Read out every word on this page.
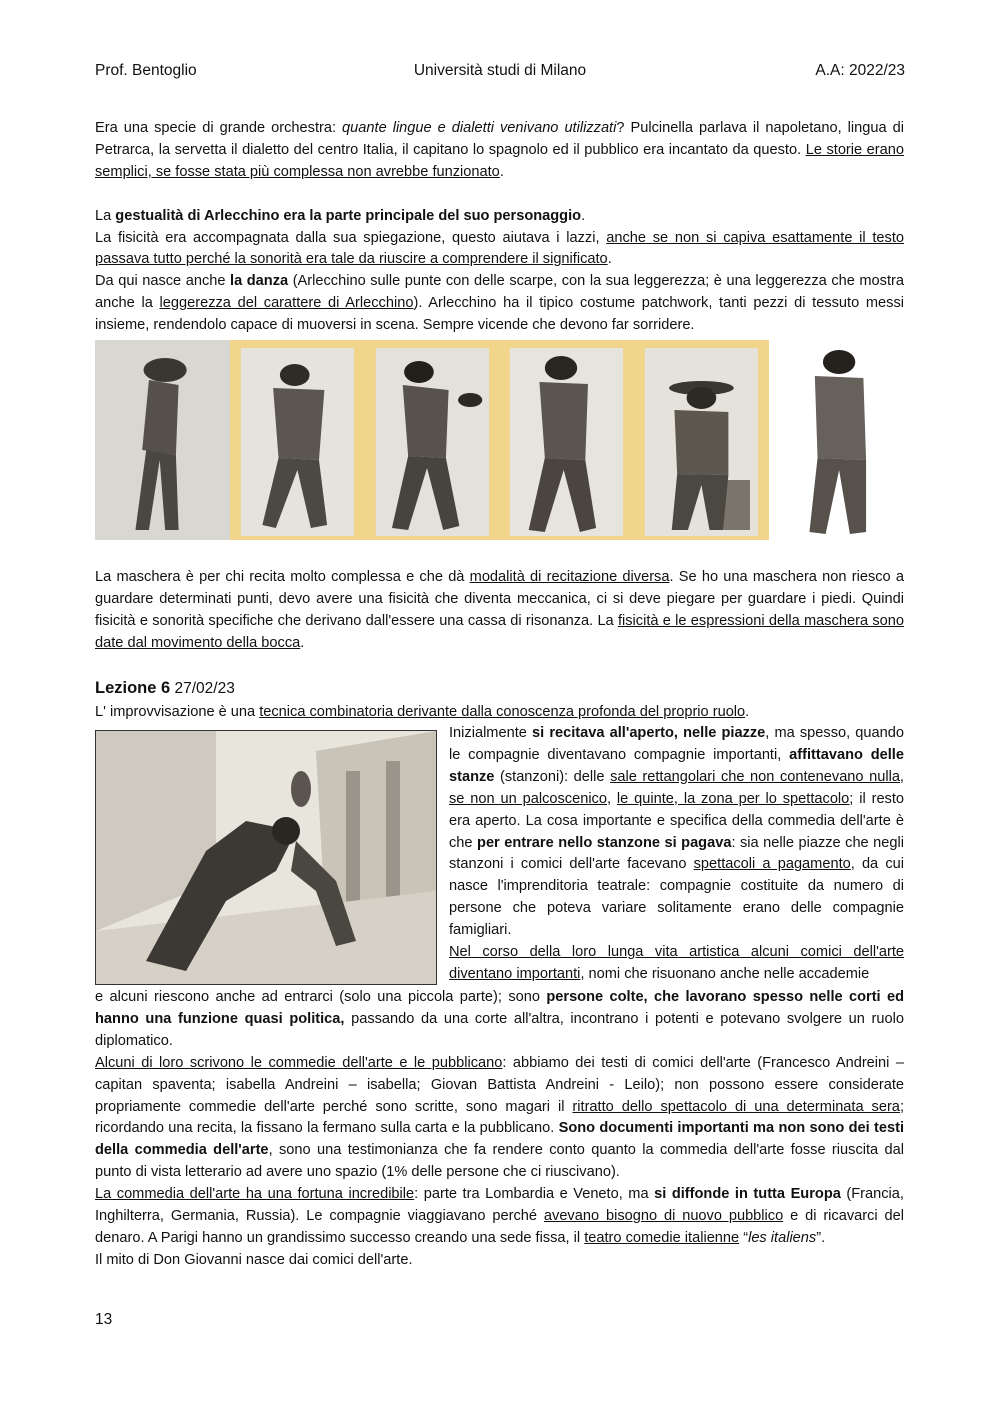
Prof. Bentoglio	Università studi di Milano	A.A: 2022/23

Era una specie di grande orchestra: quante lingue e dialetti venivano utilizzati? Pulcinella parlava il napoletano, lingua di Petrarca, la servetta il dialetto del centro Italia, il capitano lo spagnolo ed il pubblico era incantato da questo. Le storie erano semplici, se fosse stata più complessa non avrebbe funzionato.

La gestualità di Arlecchino era la parte principale del suo personaggio.

La fisicità era accompagnata dalla sua spiegazione, questo aiutava i lazzi, anche se non si capiva esattamente il testo passava tutto perché la sonorità era tale da riuscire a comprendere il significato.

Da qui nasce anche la danza (Arlecchino sulle punte con delle scarpe, con la sua leggerezza; è una leggerezza che mostra anche la leggerezza del carattere di Arlecchino). Arlecchino ha il tipico costume patchwork, tanti pezzi di tessuto messi insieme, rendendolo capace di muoversi in scena. Sempre vicende che devono far sorridere.

La maschera è per chi recita molto complessa e che dà modalità di recitazione diversa. Se ho una maschera non riesco a guardare determinati punti, devo avere una fisicità che diventa meccanica, ci si deve piegare per guardare i piedi. Quindi fisicità e sonorità specifiche che derivano dall'essere una cassa di risonanza. La fisicità e le espressioni della maschera sono date dal movimento della bocca.

Lezione 6 27/02/23

L' improvvisazione è una tecnica combinatoria derivante dalla conoscenza profonda del proprio ruolo.

Inizialmente si recitava all'aperto, nelle piazze, ma spesso, quando le compagnie diventavano compagnie importanti, affittavano delle stanze (stanzoni): delle sale rettangolari che non contenevano nulla, se non un palcoscenico, le quinte, la zona per lo spettacolo; il resto era aperto. La cosa importante e specifica della commedia dell'arte è che per entrare nello stanzone si pagava: sia nelle piazze che negli stanzoni i comici dell'arte facevano spettacoli a pagamento, da cui nasce l'imprenditoria teatrale: compagnie costituite da numero di persone che poteva variare solitamente erano delle compagnie famigliari.

Nel corso della loro lunga vita artistica alcuni comici dell'arte diventano importanti, nomi che risuonano anche nelle accademie

e alcuni riescono anche ad entrarci (solo una piccola parte); sono persone colte, che lavorano spesso nelle corti ed hanno una funzione quasi politica, passando da una corte all'altra, incontrano i potenti e potevano svolgere un ruolo diplomatico.

Alcuni di loro scrivono le commedie dell'arte e le pubblicano: abbiamo dei testi di comici dell'arte (Francesco Andreini – capitan spaventa; isabella Andreini – isabella; Giovan Battista Andreini - Leilo); non possono essere considerate propriamente commedie dell'arte perché sono scritte, sono magari il ritratto dello spettacolo di una determinata sera; ricordando una recita, la fissano la fermano sulla carta e la pubblicano. Sono documenti importanti ma non sono dei testi della commedia dell'arte, sono una testimonianza che fa rendere conto quanto la commedia dell'arte fosse riuscita dal punto di vista letterario ad avere uno spazio (1% delle persone che ci riuscivano).

La commedia dell'arte ha una fortuna incredibile: parte tra Lombardia e Veneto, ma si diffonde in tutta Europa (Francia, Inghilterra, Germania, Russia). Le compagnie viaggiavano perché avevano bisogno di nuovo pubblico e di ricavarci del denaro. A Parigi hanno un grandissimo successo creando una sede fissa, il teatro comedie italienne “les italiens”.

Il mito di Don Giovanni nasce dai comici dell'arte.

13
